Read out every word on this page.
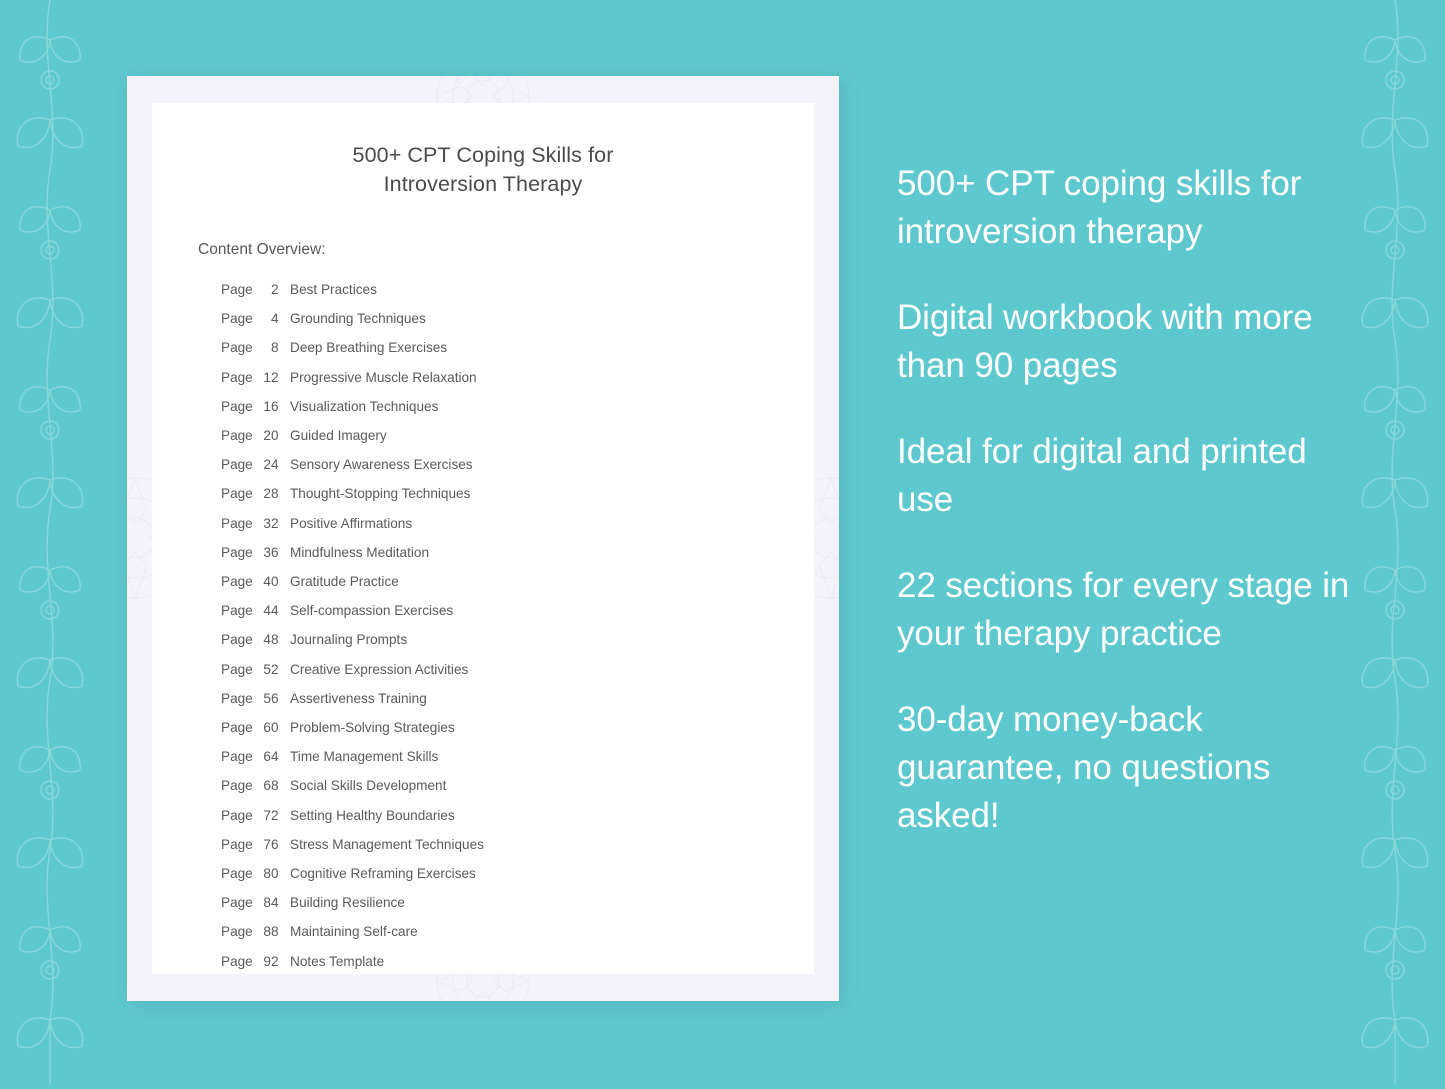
500+ CPT Coping Skills for
Introversion Therapy
Content Overview:
Page 2 Best Practices
Page 4 Grounding Techniques
Page 8 Deep Breathing Exercises
Page 12 Progressive Muscle Relaxation
Page 16 Visualization Techniques
Page 20 Guided Imagery
Page 24 Sensory Awareness Exercises
Page 28 Thought-Stopping Techniques
Page 32 Positive Affirmations
Page 36 Mindfulness Meditation
Page 40 Gratitude Practice
Page 44 Self-compassion Exercises
Page 48 Journaling Prompts
Page 52 Creative Expression Activities
Page 56 Assertiveness Training
Page 60 Problem-Solving Strategies
Page 64 Time Management Skills
Page 68 Social Skills Development
Page 72 Setting Healthy Boundaries
Page 76 Stress Management Techniques
Page 80 Cognitive Reframing Exercises
Page 84 Building Resilience
Page 88 Maintaining Self-care
Page 92 Notes Template
500+ CPT coping skills for introversion therapy
Digital workbook with more than 90 pages
Ideal for digital and printed use
22 sections for every stage in your therapy practice
30-day money-back guarantee, no questions asked!
